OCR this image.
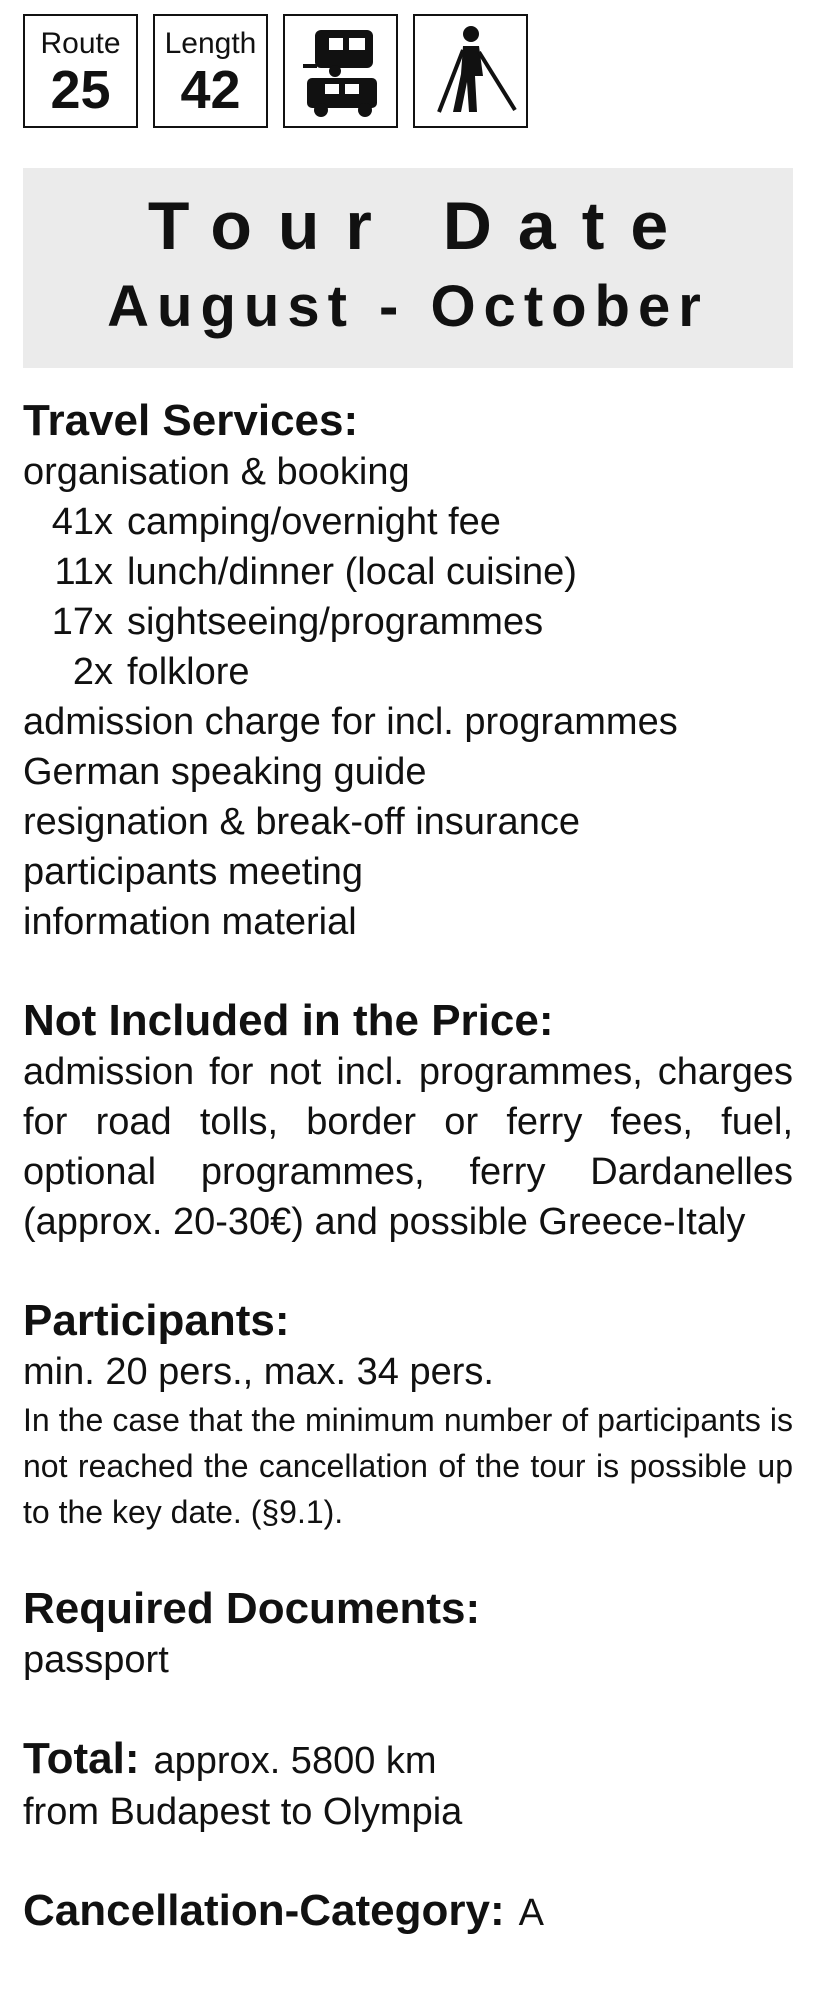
Route
25
Length
42
Tour Date
August - October

Travel Services:

organisation & booking

41x camping/overnight fee
11x lunch/dinner (local cuisine)
17x sightseeing/programmes
2x folklore

admission charge for incl. programmes

German speaking guide

resignation & break-off insurance

participants meeting

information material

Not Included in the Price:

admission for not incl. programmes, charges for road tolls, border or ferry fees, fuel, optional programmes, ferry Dardanelles (approx. 20-30€) and possible Greece-Italy

Participants:

min. 20 pers., max. 34 pers.

In the case that the minimum number of participants is not reached the cancellation of the tour is possible up to the key date. (§9.1).

Required Documents:

passport

Total: approx. 5800 km

from Budapest to Olympia

Cancellation-Category: A
